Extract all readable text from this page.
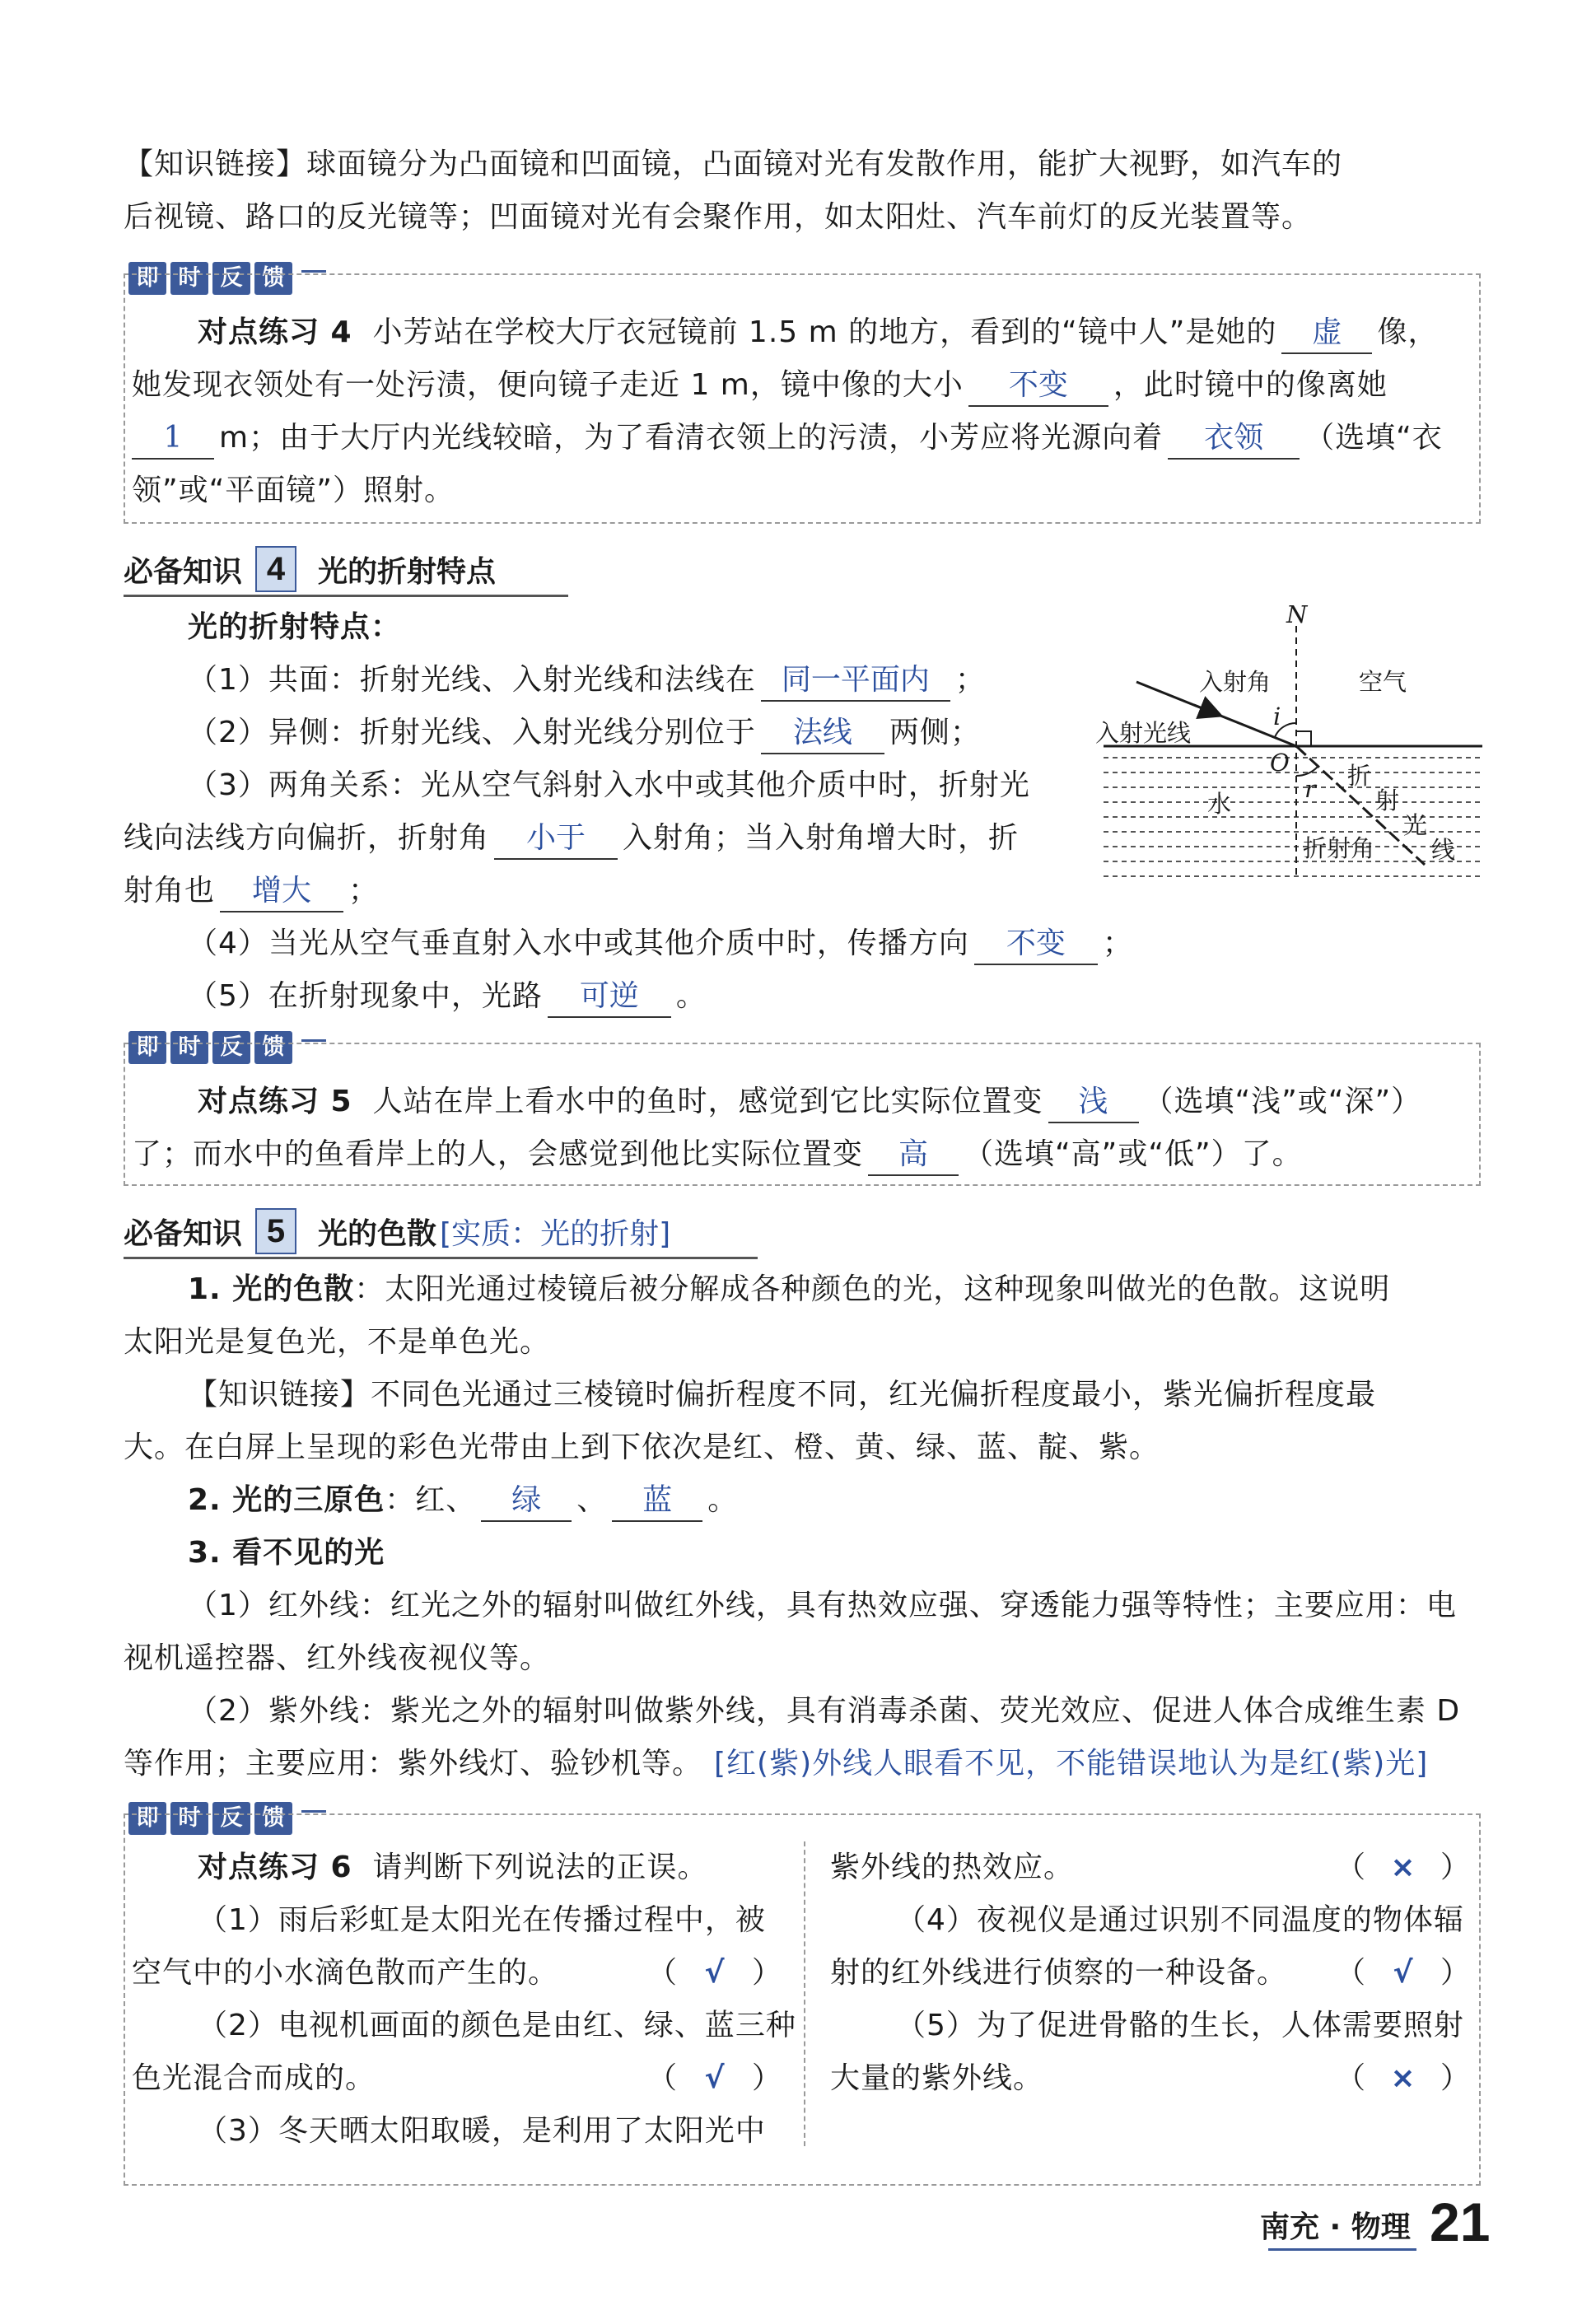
【知识链接】球面镜分为凸面镜和凹面镜，凸面镜对光有发散作用，能扩大视野，如汽车的
后视镜、路口的反光镜等；凹面镜对光有会聚作用，如太阳灶、汽车前灯的反光装置等。
即 时 反 馈
对点练习 4 小芳站在学校大厅衣冠镜前 1.5 m 的地方，看到的“镜中人”是她的 虚 像，
她发现衣领处有一处污渍，便向镜子走近 1 m，镜中像的大小 不变 ，此时镜中的像离她
1 m；由于大厅内光线较暗，为了看清衣领上的污渍，小芳应将光源向着 衣领 （选填“衣
领”或“平面镜”）照射。
必备知识 4	光的折射特点
光的折射特点：
（1）共面：折射光线、入射光线和法线在 同一平面内 ；
（2）异侧：折射光线、入射光线分别位于 法线 两侧；
（3）两角关系：光从空气斜射入水中或其他介质中时，折射光
线向法线方向偏折，折射角 小于 入射角；当入射角增大时，折
射角也 增大 ；
（4）当光从空气垂直射入水中或其他介质中时，传播方向 不变 ；
（5）在折射现象中，光路 可逆 。
N
入射角	空气
i
入射光线
O
r
水
折
射
光
线
折射角
即 时 反 馈
对点练习 5 人站在岸上看水中的鱼时，感觉到它比实际位置变 浅 （选填“浅”或“深”）
了；而水中的鱼看岸上的人，会感觉到他比实际位置变 高 （选填“高”或“低”）了。
必备知识 5	光的色散 [实质：光的折射]
1. 光的色散：太阳光通过棱镜后被分解成各种颜色的光，这种现象叫做光的色散。这说明
太阳光是复色光，不是单色光。
【知识链接】不同色光通过三棱镜时偏折程度不同，红光偏折程度最小，紫光偏折程度最
大。在白屏上呈现的彩色光带由上到下依次是红、橙、黄、绿、蓝、靛、紫。
2. 光的三原色：红、 绿 、 蓝 。
3. 看不见的光
（1）红外线：红光之外的辐射叫做红外线，具有热效应强、穿透能力强等特性；主要应用：电
视机遥控器、红外线夜视仪等。
（2）紫外线：紫光之外的辐射叫做紫外线，具有消毒杀菌、荧光效应、促进人体合成维生素 D
等作用；主要应用：紫外线灯、验钞机等。 [红(紫)外线人眼看不见，不能错误地认为是红(紫)光]
即 时 反 馈
对点练习 6 请判断下列说法的正误。
（1）雨后彩虹是太阳光在传播过程中，被
空气中的小水滴色散而产生的。	（ √ ）
（2）电视机画面的颜色是由红、绿、蓝三种
色光混合而成的。	（ √ ）
（3）冬天晒太阳取暖，是利用了太阳光中
紫外线的热效应。	（ × ）
（4）夜视仪是通过识别不同温度的物体辐
射的红外线进行侦察的一种设备。 （ √ ）
（5）为了促进骨骼的生长，人体需要照射
大量的紫外线。	（ × ）
南充 · 物理 21
